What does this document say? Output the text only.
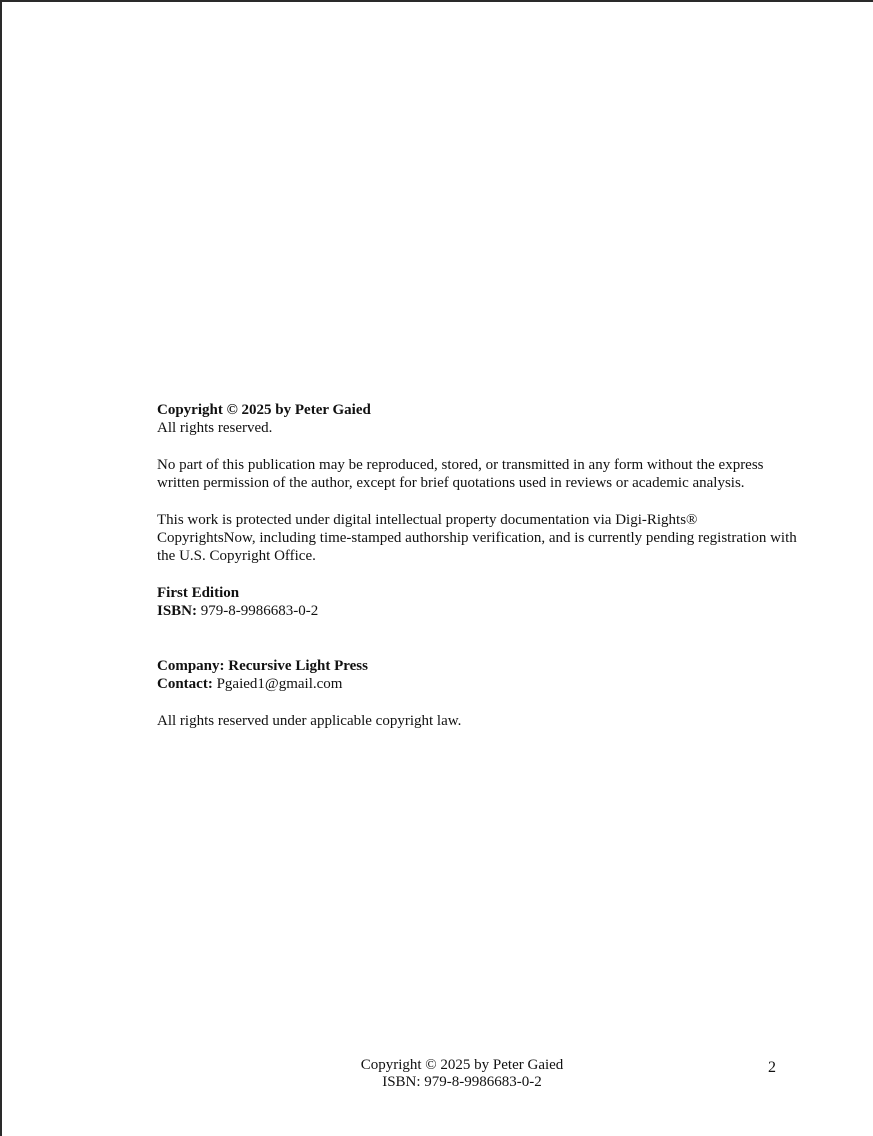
Copyright © 2025 by Peter Gaied

All rights reserved.

No part of this publication may be reproduced, stored, or transmitted in any form without the express written permission of the author, except for brief quotations used in reviews or academic analysis.

This work is protected under digital intellectual property documentation via Digi-Rights® CopyrightsNow, including time-stamped authorship verification, and is currently pending registration with the U.S. Copyright Office.

First Edition

ISBN: 979-8-9986683-0-2

Company: Recursive Light Press

Contact: Pgaied1@gmail.com

All rights reserved under applicable copyright law.

Copyright © 2025 by Peter Gaied

ISBN: 979-8-9986683-0-2

2
